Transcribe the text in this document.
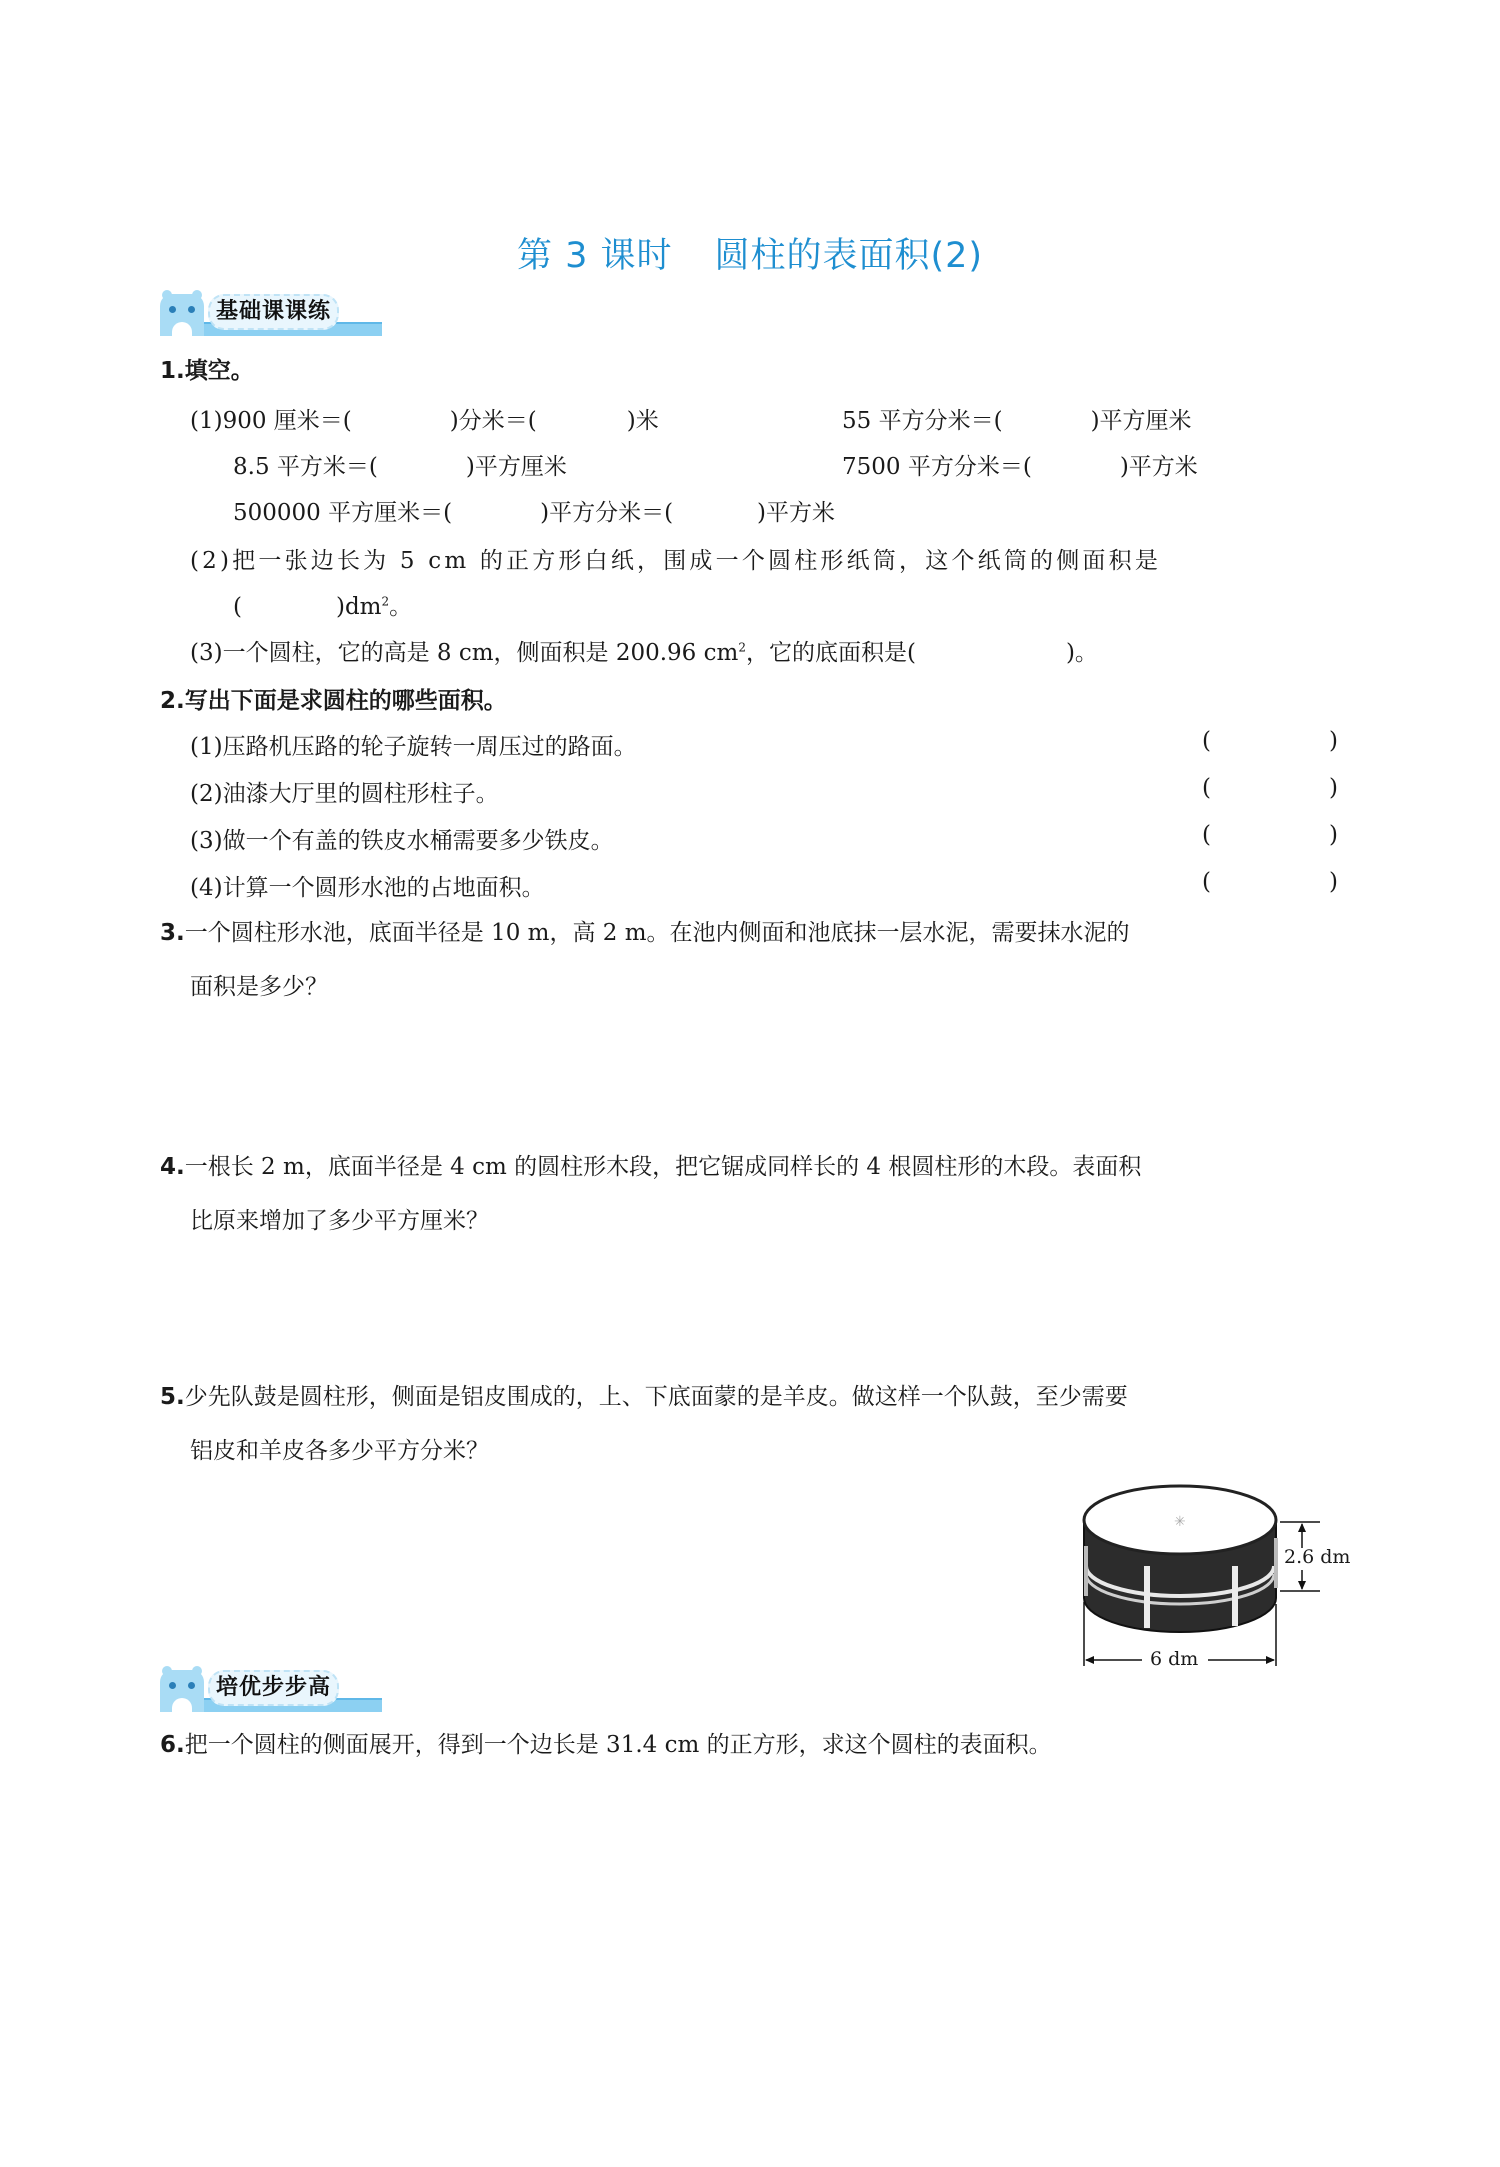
第 3 课时 圆柱的表面积(2)
基础课课练
1.填空。
(1)900 厘米＝(	)分米＝(	)米	55 平方分米＝(	)平方厘米
8.5 平方米＝(	)平方厘米	7500 平方分米＝(	)平方米
500000 平方厘米＝(	)平方分米＝(	)平方米
(2)把一张边长为 5 cm 的正方形白纸，围成一个圆柱形纸筒，这个纸筒的侧面积是
(	)$dm^2$。
(3)一个圆柱，它的高是 8 cm，侧面积是 200.96 $cm^2$，它的底面积是(	)。
2.写出下面是求圆柱的哪些面积。
(1)压路机压路的轮子旋转一周压过的路面。	(	)
(2)油漆大厅里的圆柱形柱子。	(	)
(3)做一个有盖的铁皮水桶需要多少铁皮。	(	)
(4)计算一个圆形水池的占地面积。	(	)
3.一个圆柱形水池，底面半径是 10 m，高 2 m。在池内侧面和池底抹一层水泥，需要抹水泥的
面积是多少？
4.一根长 2 m，底面半径是 4 cm 的圆柱形木段，把它锯成同样长的 4 根圆柱形的木段。表面积
比原来增加了多少平方厘米？
5.少先队鼓是圆柱形，侧面是铝皮围成的，上、下底面蒙的是羊皮。做这样一个队鼓，至少需要
铝皮和羊皮各多少平方分米？
✳
2.6 dm
6 dm
培优步步高
6.把一个圆柱的侧面展开，得到一个边长是 31.4 cm 的正方形，求这个圆柱的表面积。
